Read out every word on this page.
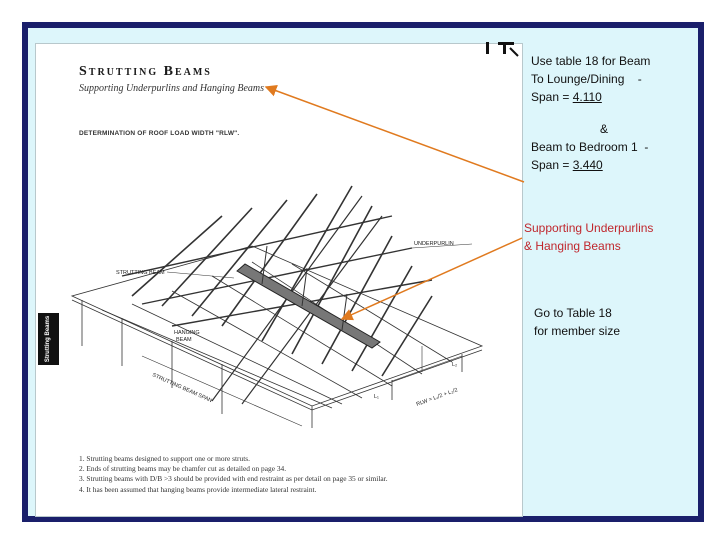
Strutting Beams

Supporting Underpurlins and Hanging Beams

DETERMINATION OF ROOF LOAD WIDTH "RLW".
Strutting Beams
UNDERPURLIN
STRUTTING BEAM
HANGING
BEAM
STRUTTING BEAM SPAN	RLW = L₁/2 + L₂/2
L₁
L₂
1. Strutting beams designed to support one or more struts.
2. Ends of strutting beams may be chamfer cut as detailed on page 34.
3. Strutting beams with D/B >3 should be provided with end restraint as per detail on page 35 or similar.
4. It has been assumed that hanging beams provide intermediate lateral restraint.
Use table 18 for Beam
To Lounge/Dining    -
Span = 4.110
&
Beam to Bedroom 1  -
Span = 3.440
Supporting Underpurlins
& Hanging Beams
Go to Table 18
for member size
